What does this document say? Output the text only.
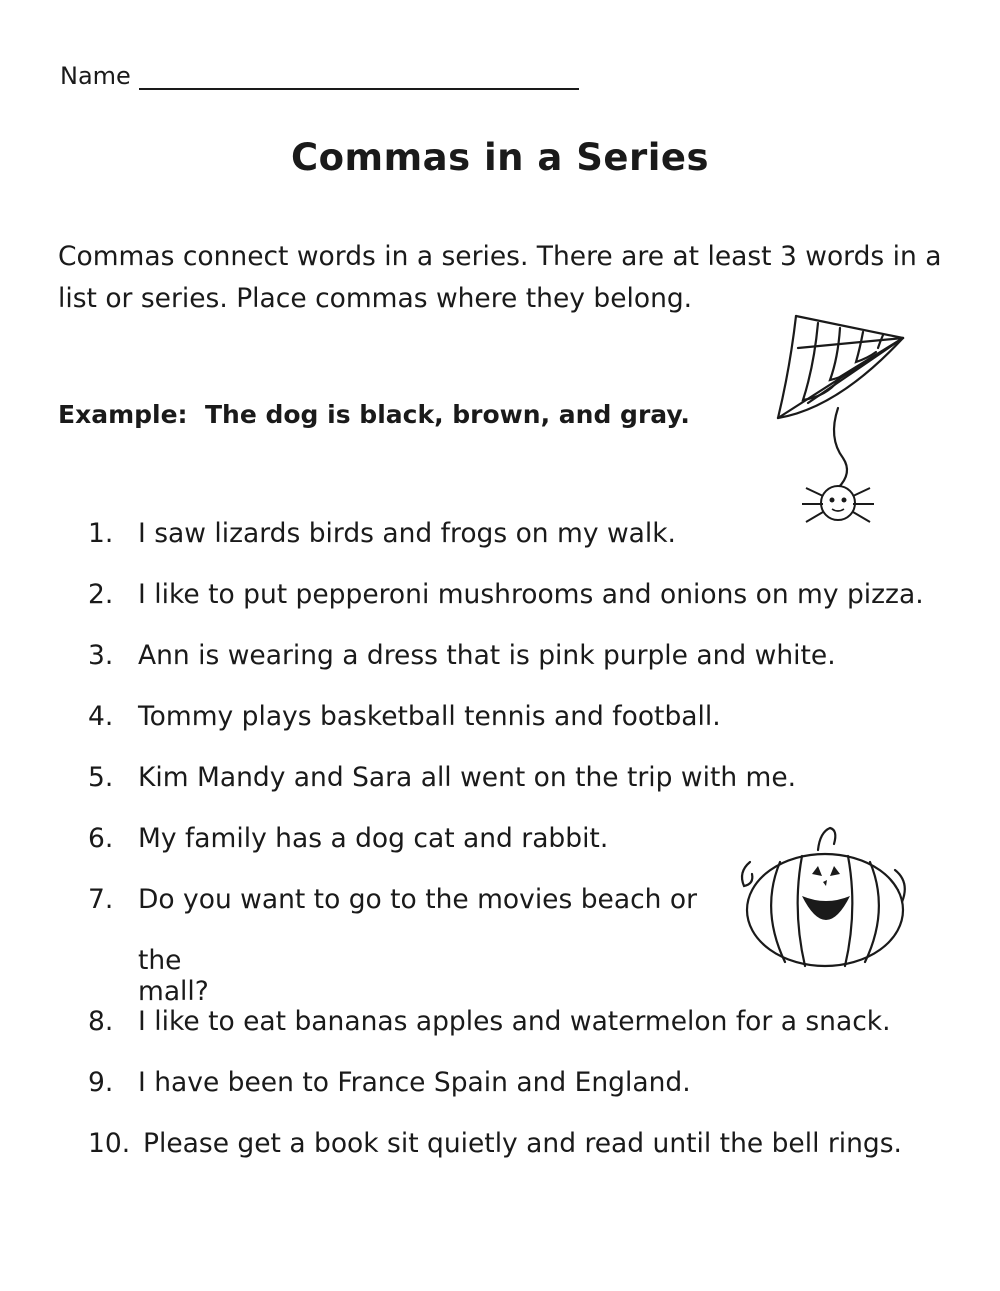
Name
Commas in a Series

Commas connect words in a series. There are at least 3 words in a list or series. Place commas where they belong.

Example: The dog is black, brown, and gray.

1. I saw lizards birds and frogs on my walk.
2. I like to put pepperoni mushrooms and onions on my pizza.
3. Ann is wearing a dress that is pink purple and white.
4. Tommy plays basketball tennis and football.
5. Kim Mandy and Sara all went on the trip with me.
6. My family has a dog cat and rabbit.
7. Do you want to go to the movies beach or
the mall?
8. I like to eat bananas apples and watermelon for a snack.
9. I have been to France Spain and England.
10. Please get a book sit quietly and read until the bell rings.
